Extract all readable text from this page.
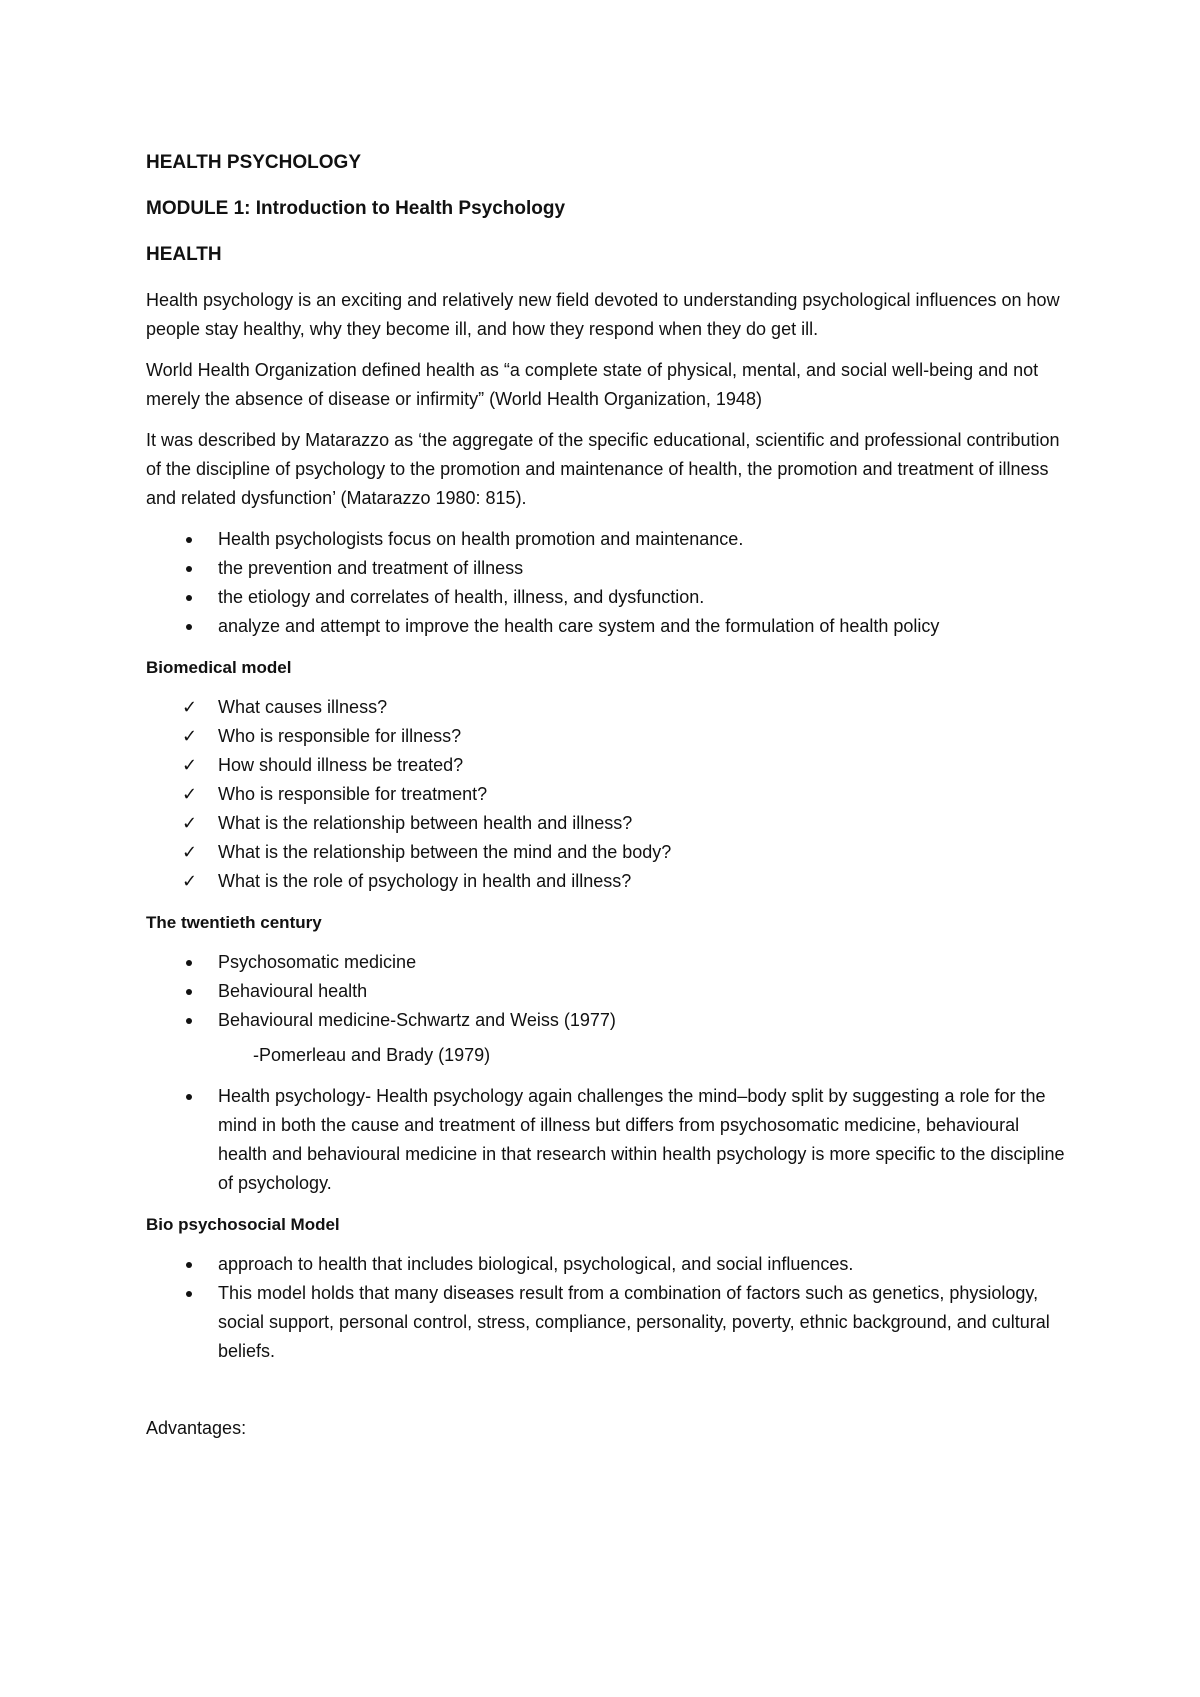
HEALTH PSYCHOLOGY

MODULE 1: Introduction to Health Psychology

HEALTH

Health psychology is an exciting and relatively new field devoted to understanding psychological influences on how people stay healthy, why they become ill, and how they respond when they do get ill.

World Health Organization defined health as “a complete state of physical, mental, and social well-being and not merely the absence of disease or infirmity” (World Health Organization, 1948)

It was described by Matarazzo as ‘the aggregate of the specific educational, scientific and professional contribution of the discipline of psychology to the promotion and maintenance of health, the promotion and treatment of illness and related dysfunction’ (Matarazzo 1980: 815).

Health psychologists focus on health promotion and maintenance.
the prevention and treatment of illness
the etiology and correlates of health, illness, and dysfunction.
analyze and attempt to improve the health care system and the formulation of health policy

Biomedical model

✓ What causes illness?
✓ Who is responsible for illness?
✓ How should illness be treated?
✓ Who is responsible for treatment?
✓ What is the relationship between health and illness?
✓ What is the relationship between the mind and the body?
✓ What is the role of psychology in health and illness?

The twentieth century

Psychosomatic medicine
Behavioural health
Behavioural medicine-Schwartz and Weiss (1977)

-Pomerleau and Brady (1979)

Health psychology- Health psychology again challenges the mind–body split by suggesting a role for the mind in both the cause and treatment of illness but differs from psychosomatic medicine, behavioural health and behavioural medicine in that research within health psychology is more specific to the discipline of psychology.

Bio psychosocial Model

approach to health that includes biological, psychological, and social influences.
This model holds that many diseases result from a combination of factors such as genetics, physiology, social support, personal control, stress, compliance, personality, poverty, ethnic background, and cultural beliefs.

Advantages:
